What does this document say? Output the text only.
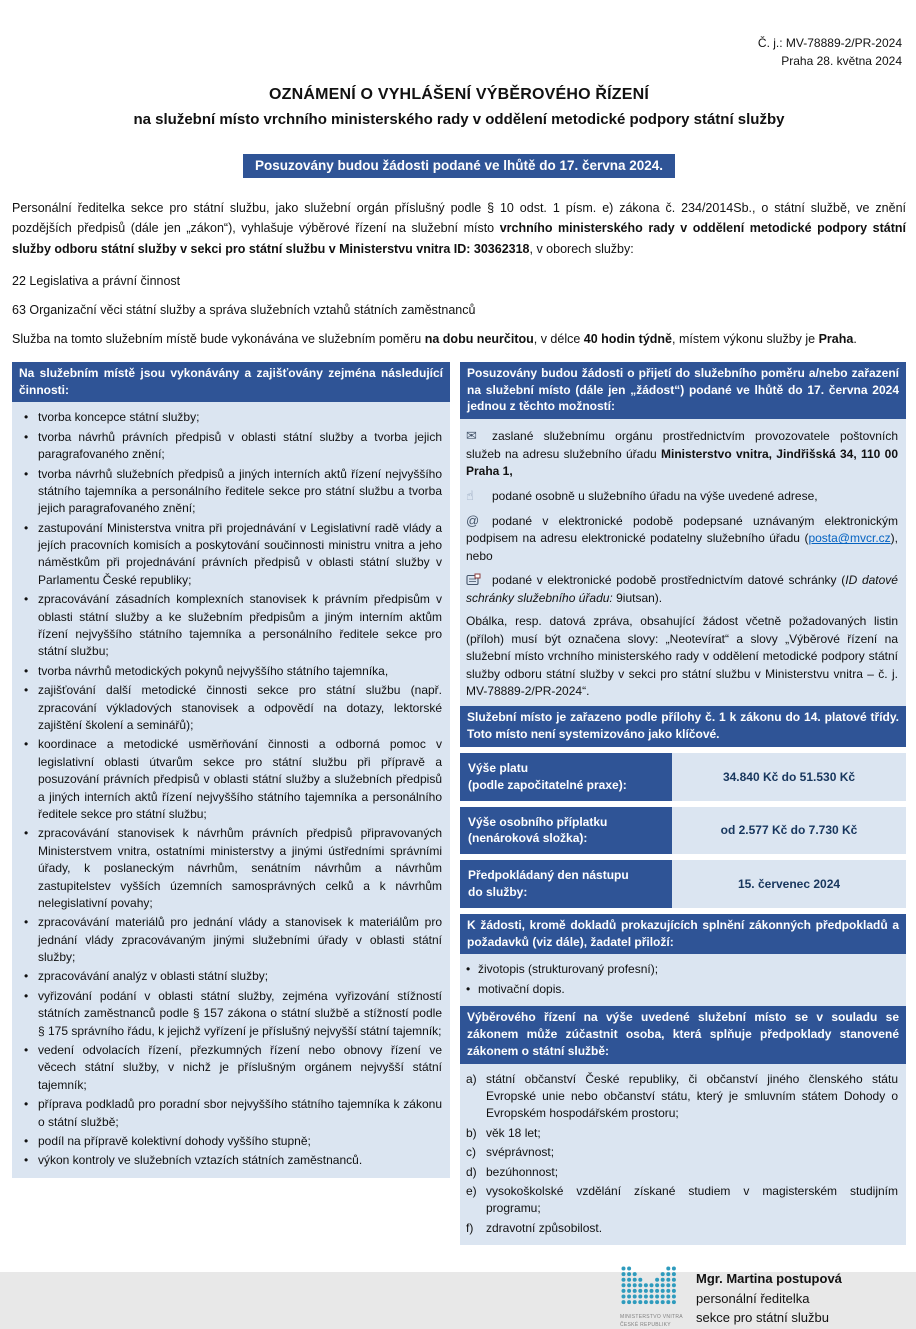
Č. j.: MV-78889-2/PR-2024
Praha 28. května 2024
OZNÁMENÍ O VYHLÁŠENÍ VÝBĚROVÉHO ŘÍZENÍ
na služební místo vrchního ministerského rady v oddělení metodické podpory státní služby
Posuzovány budou žádosti podané ve lhůtě do 17. června 2024.

Personální ředitelka sekce pro státní službu, jako služební orgán příslušný podle § 10 odst. 1 písm. e) zákona č. 234/2014Sb., o státní službě, ve znění pozdějších předpisů (dále jen „zákon“), vyhlašuje výběrové řízení na služební místo vrchního ministerského rady v oddělení metodické podpory státní služby odboru státní služby v sekci pro státní službu v Ministerstvu vnitra ID: 30362318, v oborech služby:

22 Legislativa a právní činnost

63 Organizační věci státní služby a správa služebních vztahů státních zaměstnanců

Služba na tomto služebním místě bude vykonávána ve služebním poměru na dobu neurčitou, v délce 40 hodin týdně, místem výkonu služby je Praha.

Na služebním místě jsou vykonávány a zajišťovány zejména následující činnosti:
• tvorba koncepce státní služby;
• tvorba návrhů právních předpisů v oblasti státní služby a tvorba jejich paragrafovaného znění;
• tvorba návrhů služebních předpisů a jiných interních aktů řízení nejvyššího státního tajemníka a personálního ředitele sekce pro státní službu a tvorba jejich paragrafovaného znění;
• zastupování Ministerstva vnitra při projednávání v Legislativní radě vlády a jejích pracovních komisích a poskytování součinnosti ministru vnitra a jeho náměstkům při projednávání právních předpisů v oblasti státní služby v Parlamentu České republiky;
• zpracovávání zásadních komplexních stanovisek k právním předpisům v oblasti státní služby a ke služebním předpisům a jiným interním aktům řízení nejvyššího státního tajemníka a personálního ředitele sekce pro státní službu;
• tvorba návrhů metodických pokynů nejvyššího státního tajemníka,
• zajišťování další metodické činnosti sekce pro státní službu (např. zpracování výkladových stanovisek a odpovědí na dotazy, lektorské zajištění školení a seminářů);
• koordinace a metodické usměrňování činnosti a odborná pomoc v legislativní oblasti útvarům sekce pro státní službu při přípravě a posuzování právních předpisů v oblasti státní služby a služebních předpisů a jiných interních aktů řízení nejvyššího státního tajemníka a personálního ředitele sekce pro státní službu;
• zpracovávání stanovisek k návrhům právních předpisů připravovaných Ministerstvem vnitra, ostatními ministerstvy a jinými ústředními správními úřady, k poslaneckým návrhům, senátním návrhům a návrhům zastupitelstev vyšších územních samosprávných celků a k návrhům nelegislativní povahy;
• zpracovávání materiálů pro jednání vlády a stanovisek k materiálům pro jednání vlády zpracovávaným jinými služebními úřady v oblasti státní služby;
• zpracovávání analýz v oblasti státní služby;
• vyřizování podání v oblasti státní služby, zejména vyřizování stížností státních zaměstnanců podle § 157 zákona o státní službě a stížností podle § 175 správního řádu, k jejichž vyřízení je příslušný nejvyšší státní tajemník;
• vedení odvolacích řízení, přezkumných řízení nebo obnovy řízení ve věcech státní služby, v nichž je příslušným orgánem nejvyšší státní tajemník;
• příprava podkladů pro poradní sbor nejvyššího státního tajemníka k zákonu o státní službě;
• podíl na přípravě kolektivní dohody vyššího stupně;
• výkon kontroly ve služebních vztazích státních zaměstnanců.
Posuzovány budou žádosti o přijetí do služebního poměru a/nebo zařazení na služební místo (dále jen „žádost“) podané ve lhůtě do 17. června 2024 jednou z těchto možností:

✉ zaslané služebnímu orgánu prostřednictvím provozovatele poštovních služeb na adresu služebního úřadu Ministerstvo vnitra, Jindřišská 34, 110 00 Praha 1,

☝ podané osobně u služebního úřadu na výše uvedené adrese,

@ podané v elektronické podobě podepsané uznávaným elektronickým podpisem na adresu elektronické podatelny služebního úřadu (posta@mvcr.cz), nebo

podané v elektronické podobě prostřednictvím datové schránky (ID datové schránky služebního úřadu: 9iutsan).

Obálka, resp. datová zpráva, obsahující žádost včetně požadovaných listin (příloh) musí být označena slovy: „Neotevírat“ a slovy „Výběrové řízení na služební místo vrchního ministerského rady v oddělení metodické podpory státní služby odboru státní služby v sekci pro státní službu v Ministerstvu vnitra – č. j. MV-78889-2/PR-2024“.

Služební místo je zařazeno podle přílohy č. 1 k zákonu do 14. platové třídy. Toto místo není systemizováno jako klíčové.
Výše platu
(podle započitatelné praxe):
34.840 Kč do 51.530 Kč
Výše osobního příplatku
(nenároková složka):
od 2.577 Kč do 7.730 Kč
Předpokládaný den nástupu
do služby:
15. červenec 2024
K žádosti, kromě dokladů prokazujících splnění zákonných předpokladů a požadavků (viz dále), žadatel přiloží:
• životopis (strukturovaný profesní);
• motivační dopis.
Výběrového řízení na výše uvedené služební místo se v souladu se zákonem může zúčastnit osoba, která splňuje předpoklady stanovené zákonem o státní službě:
a) státní občanství České republiky, či občanství jiného členského státu Evropské unie nebo občanství státu, který je smluvním státem Dohody o Evropském hospodářském prostoru;
b) věk 18 let;
c) svéprávnost;
d) bezúhonnost;
e) vysokoškolské vzdělání získané studiem v magisterském studijním programu;
f)	zdravotní způsobilost.
MINISTERSTVO VNITRA
ČESKÉ REPUBLIKY
Mgr. Martina postupová
personální ředitelka
sekce pro státní službu
